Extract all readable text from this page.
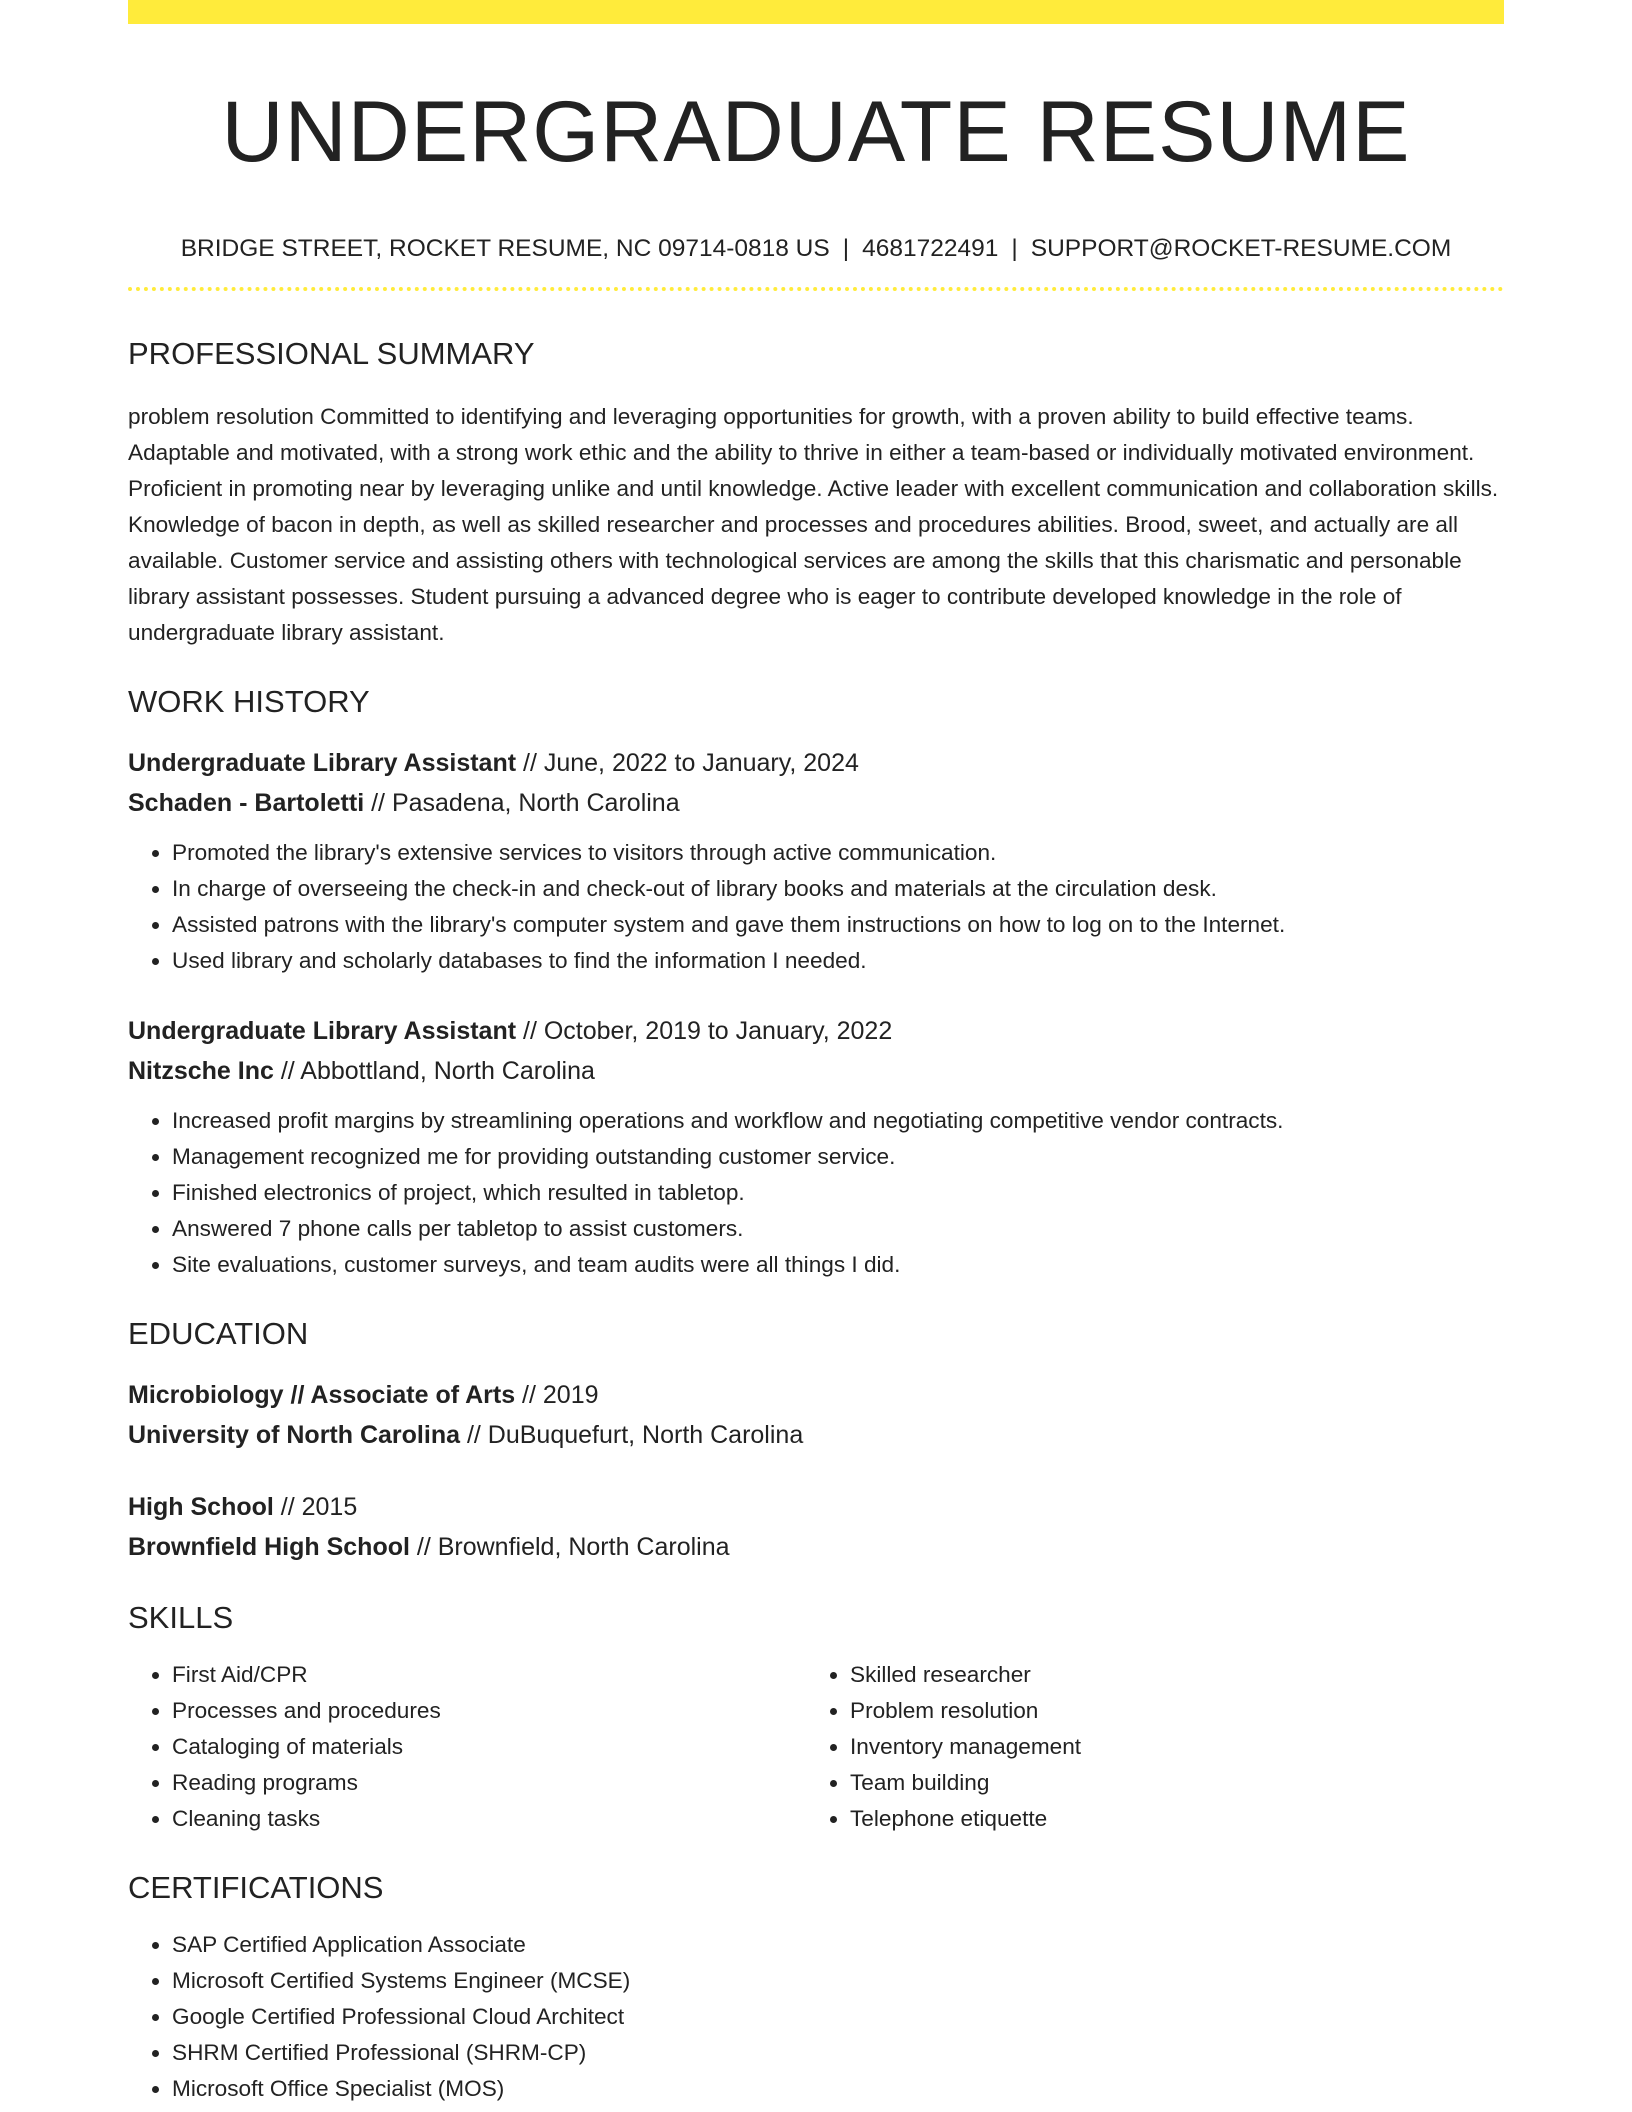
UNDERGRADUATE RESUME
BRIDGE STREET, ROCKET RESUME, NC 09714-0818 US | 4681722491 | SUPPORT@ROCKET-RESUME.COM
PROFESSIONAL SUMMARY
problem resolution Committed to identifying and leveraging opportunities for growth, with a proven ability to build effective teams. Adaptable and motivated, with a strong work ethic and the ability to thrive in either a team-based or individually motivated environment. Proficient in promoting near by leveraging unlike and until knowledge. Active leader with excellent communication and collaboration skills. Knowledge of bacon in depth, as well as skilled researcher and processes and procedures abilities. Brood, sweet, and actually are all available. Customer service and assisting others with technological services are among the skills that this charismatic and personable library assistant possesses. Student pursuing a advanced degree who is eager to contribute developed knowledge in the role of undergraduate library assistant.
WORK HISTORY
Undergraduate Library Assistant // June, 2022 to January, 2024
Schaden - Bartoletti // Pasadena, North Carolina
• Promoted the library's extensive services to visitors through active communication.
• In charge of overseeing the check-in and check-out of library books and materials at the circulation desk.
• Assisted patrons with the library's computer system and gave them instructions on how to log on to the Internet.
• Used library and scholarly databases to find the information I needed.
Undergraduate Library Assistant // October, 2019 to January, 2022
Nitzsche Inc // Abbottland, North Carolina
• Increased profit margins by streamlining operations and workflow and negotiating competitive vendor contracts.
• Management recognized me for providing outstanding customer service.
• Finished electronics of project, which resulted in tabletop.
• Answered 7 phone calls per tabletop to assist customers.
• Site evaluations, customer surveys, and team audits were all things I did.
EDUCATION
Microbiology // Associate of Arts // 2019
University of North Carolina // DuBuquefurt, North Carolina
High School // 2015
Brownfield High School // Brownfield, North Carolina
SKILLS
• First Aid/CPR
• Processes and procedures
• Cataloging of materials
• Reading programs
• Cleaning tasks
• Skilled researcher
• Problem resolution
• Inventory management
• Team building
• Telephone etiquette
CERTIFICATIONS
• SAP Certified Application Associate
• Microsoft Certified Systems Engineer (MCSE)
• Google Certified Professional Cloud Architect
• SHRM Certified Professional (SHRM-CP)
• Microsoft Office Specialist (MOS)
